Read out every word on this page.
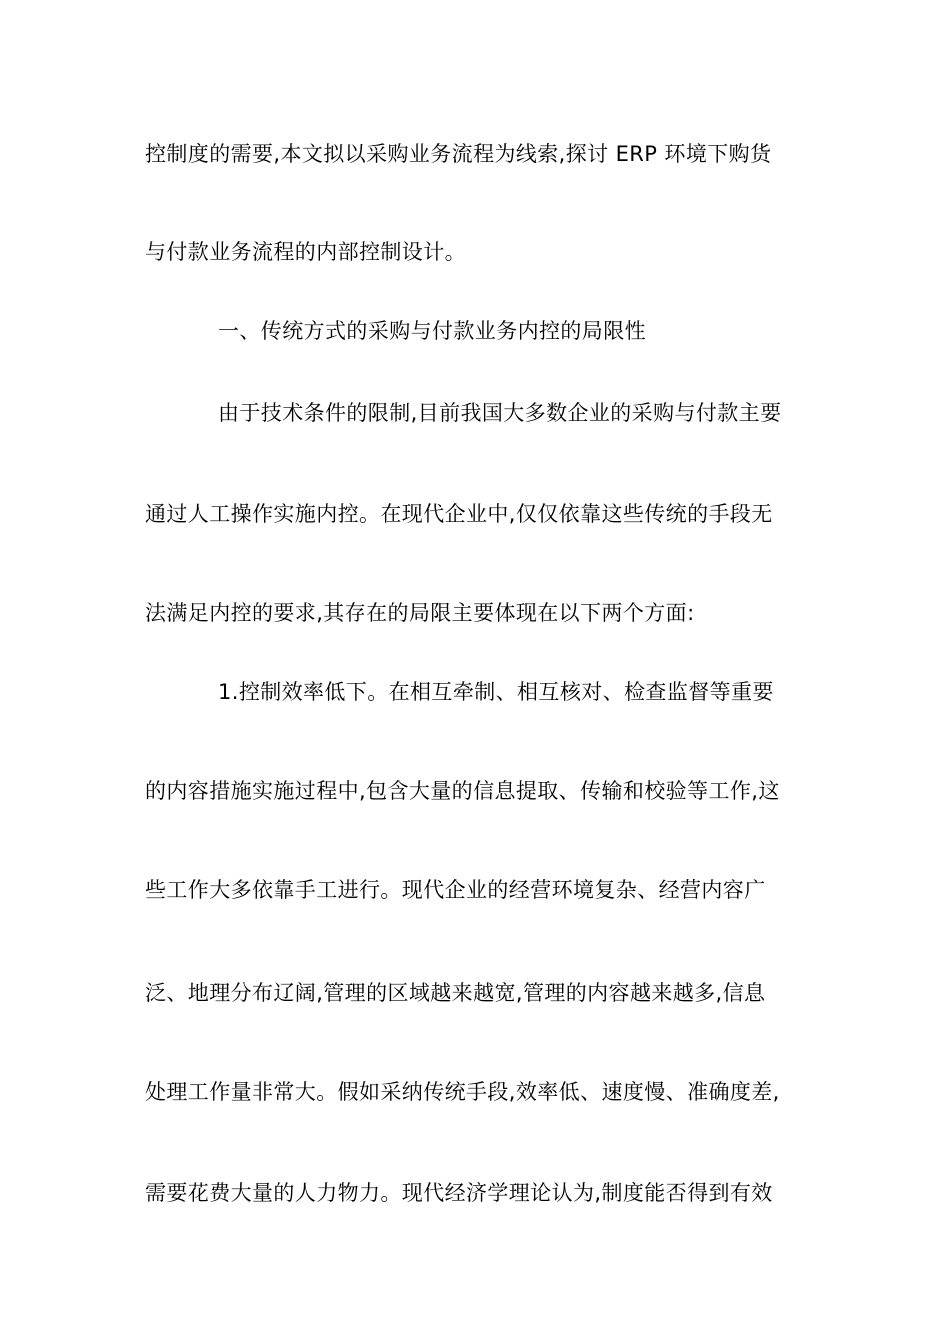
控制度的需要,本文拟以采购业务流程为线索,探讨 ERP 环境下购货
与付款业务流程的内部控制设计。
一、传统方式的采购与付款业务内控的局限性
由于技术条件的限制,目前我国大多数企业的采购与付款主要
通过人工操作实施内控。在现代企业中,仅仅依靠这些传统的手段无
法满足内控的要求,其存在的局限主要体现在以下两个方面:
1.控制效率低下。在相互牵制、相互核对、检查监督等重要
的内容措施实施过程中,包含大量的信息提取、传输和校验等工作,这
些工作大多依靠手工进行。现代企业的经营环境复杂、经营内容广
泛、地理分布辽阔,管理的区域越来越宽,管理的内容越来越多,信息
处理工作量非常大。假如采纳传统手段,效率低、速度慢、准确度差,
需要花费大量的人力物力。现代经济学理论认为,制度能否得到有效
